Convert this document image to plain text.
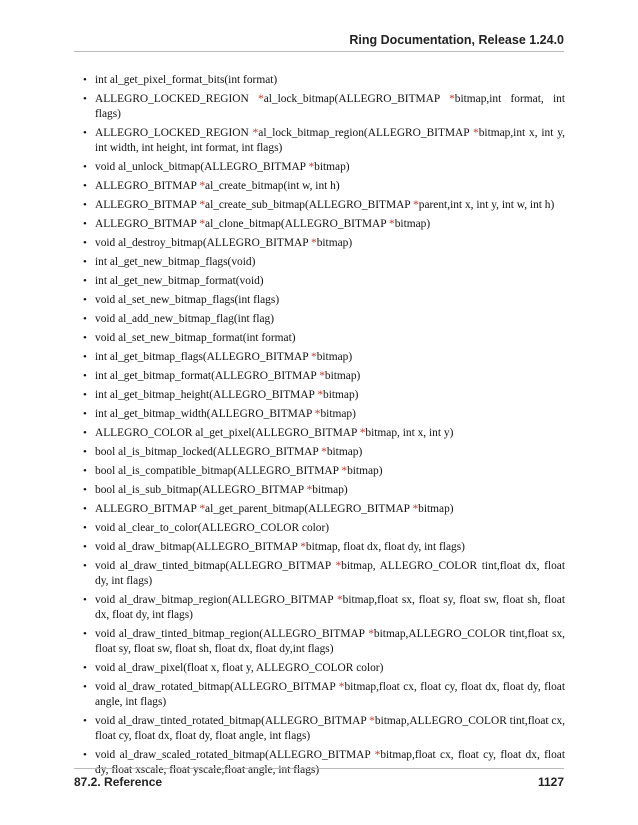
Ring Documentation, Release 1.24.0
• int al_get_pixel_format_bits(int format)
• ALLEGRO_LOCKED_REGION *al_lock_bitmap(ALLEGRO_BITMAP *bitmap,int format, int flags)
• ALLEGRO_LOCKED_REGION *al_lock_bitmap_region(ALLEGRO_BITMAP *bitmap,int x, int y, int width, int height, int format, int flags)
• void al_unlock_bitmap(ALLEGRO_BITMAP *bitmap)
• ALLEGRO_BITMAP *al_create_bitmap(int w, int h)
• ALLEGRO_BITMAP *al_create_sub_bitmap(ALLEGRO_BITMAP *parent,int x, int y, int w, int h)
• ALLEGRO_BITMAP *al_clone_bitmap(ALLEGRO_BITMAP *bitmap)
• void al_destroy_bitmap(ALLEGRO_BITMAP *bitmap)
• int al_get_new_bitmap_flags(void)
• int al_get_new_bitmap_format(void)
• void al_set_new_bitmap_flags(int flags)
• void al_add_new_bitmap_flag(int flag)
• void al_set_new_bitmap_format(int format)
• int al_get_bitmap_flags(ALLEGRO_BITMAP *bitmap)
• int al_get_bitmap_format(ALLEGRO_BITMAP *bitmap)
• int al_get_bitmap_height(ALLEGRO_BITMAP *bitmap)
• int al_get_bitmap_width(ALLEGRO_BITMAP *bitmap)
• ALLEGRO_COLOR al_get_pixel(ALLEGRO_BITMAP *bitmap, int x, int y)
• bool al_is_bitmap_locked(ALLEGRO_BITMAP *bitmap)
• bool al_is_compatible_bitmap(ALLEGRO_BITMAP *bitmap)
• bool al_is_sub_bitmap(ALLEGRO_BITMAP *bitmap)
• ALLEGRO_BITMAP *al_get_parent_bitmap(ALLEGRO_BITMAP *bitmap)
• void al_clear_to_color(ALLEGRO_COLOR color)
• void al_draw_bitmap(ALLEGRO_BITMAP *bitmap, float dx, float dy, int flags)
• void al_draw_tinted_bitmap(ALLEGRO_BITMAP *bitmap, ALLEGRO_COLOR tint,float dx, float dy, int flags)
• void al_draw_bitmap_region(ALLEGRO_BITMAP *bitmap,float sx, float sy, float sw, float sh, float dx, float dy, int flags)
• void al_draw_tinted_bitmap_region(ALLEGRO_BITMAP *bitmap,ALLEGRO_COLOR tint,float sx, float sy, float sw, float sh, float dx, float dy,int flags)
• void al_draw_pixel(float x, float y, ALLEGRO_COLOR color)
• void al_draw_rotated_bitmap(ALLEGRO_BITMAP *bitmap,float cx, float cy, float dx, float dy, float angle, int flags)
• void al_draw_tinted_rotated_bitmap(ALLEGRO_BITMAP *bitmap,ALLEGRO_COLOR tint,float cx, float cy, float dx, float dy, float angle, int flags)
• void al_draw_scaled_rotated_bitmap(ALLEGRO_BITMAP *bitmap,float cx, float cy, float dx, float dy, float xscale, float yscale,float angle, int flags)
87.2. Reference	1127
